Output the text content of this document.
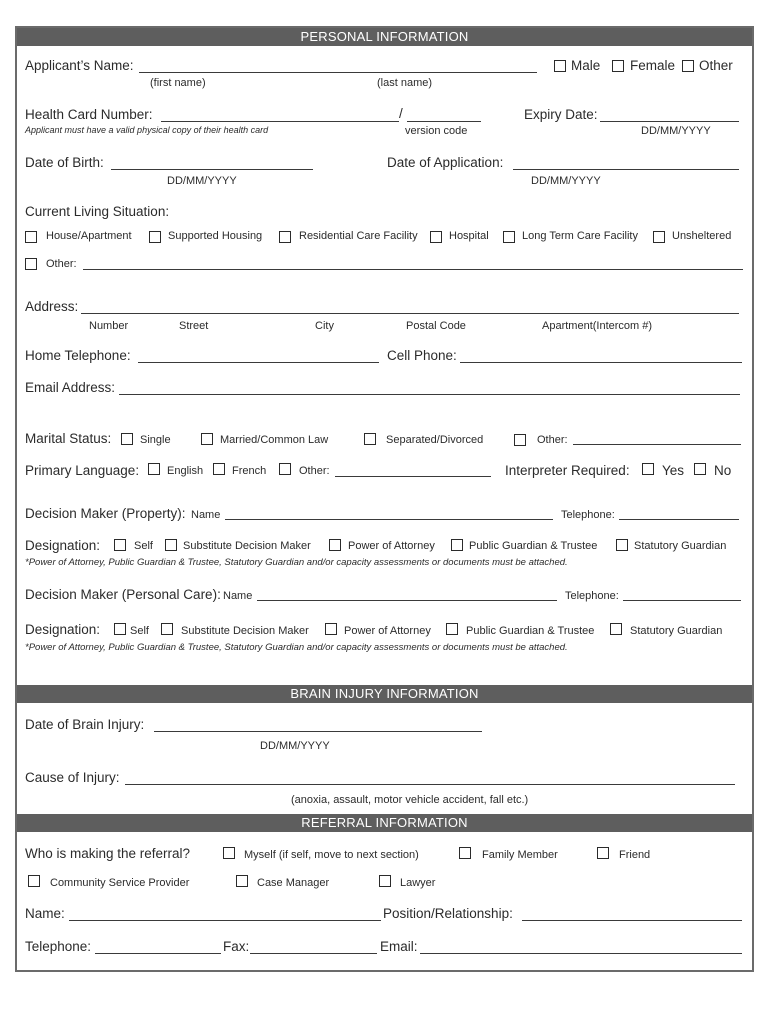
PERSONAL INFORMATION
Applicant’s Name:
(first name)	(last name)
Male Female Other
Health Card Number:	/
Applicant must have a valid physical copy of their health card	version code
Expiry Date:
DD/MM/YYYY
Date of Birth:
DD/MM/YYYY
Date of Application:
DD/MM/YYYY
Current Living Situation:
House/Apartment	Supported Housing	Residential Care Facility	Hospital	Long Term Care Facility	Unsheltered
Other:
Address:
Number	Street	City	Postal Code	Apartment(Intercom #)
Home Telephone:	Cell Phone:
Email Address:
Marital Status:	Single	Married/Common Law	Separated/Divorced	Other:
Primary Language:	English	French	Other:	Interpreter Required: Yes No
Decision Maker (Property): Name	Telephone:
Designation:	Self	Substitute Decision Maker	Power of Attorney	Public Guardian & Trustee	Statutory Guardian
*Power of Attorney, Public Guardian & Trustee, Statutory Guardian and/or capacity assessments or documents must be attached.
Decision Maker (Personal Care): Name	Telephone:
Designation:	Self	Substitute Decision Maker	Power of Attorney	Public Guardian & Trustee	Statutory Guardian
*Power of Attorney, Public Guardian & Trustee, Statutory Guardian and/or capacity assessments or documents must be attached.
BRAIN INJURY INFORMATION
Date of Brain Injury:
DD/MM/YYYY
Cause of Injury:
(anoxia, assault, motor vehicle accident, fall etc.)
REFERRAL INFORMATION
Who is making the referral?	Myself (if self, move to next section)	Family Member	Friend
Community Service Provider	Case Manager	Lawyer
Name:	Position/Relationship:
Telephone:	Fax:	Email:
